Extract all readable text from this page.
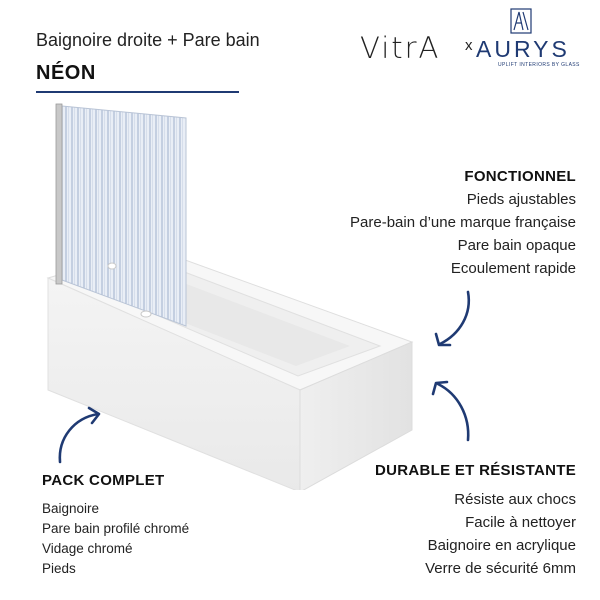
Baignoire droite + Pare bain
NÉON
VitrA x AURYS
UPLIFT INTERIORS BY GLASS
FONCTIONNEL
Pieds ajustables
Pare-bain d’une marque française
Pare bain opaque
Ecoulement rapide
DURABLE ET RÉSISTANTE
Résiste aux chocs
Facile à nettoyer
Baignoire en acrylique
Verre de sécurité 6mm
PACK COMPLET
Baignoire
Pare bain profilé chromé
Vidage chromé
Pieds
